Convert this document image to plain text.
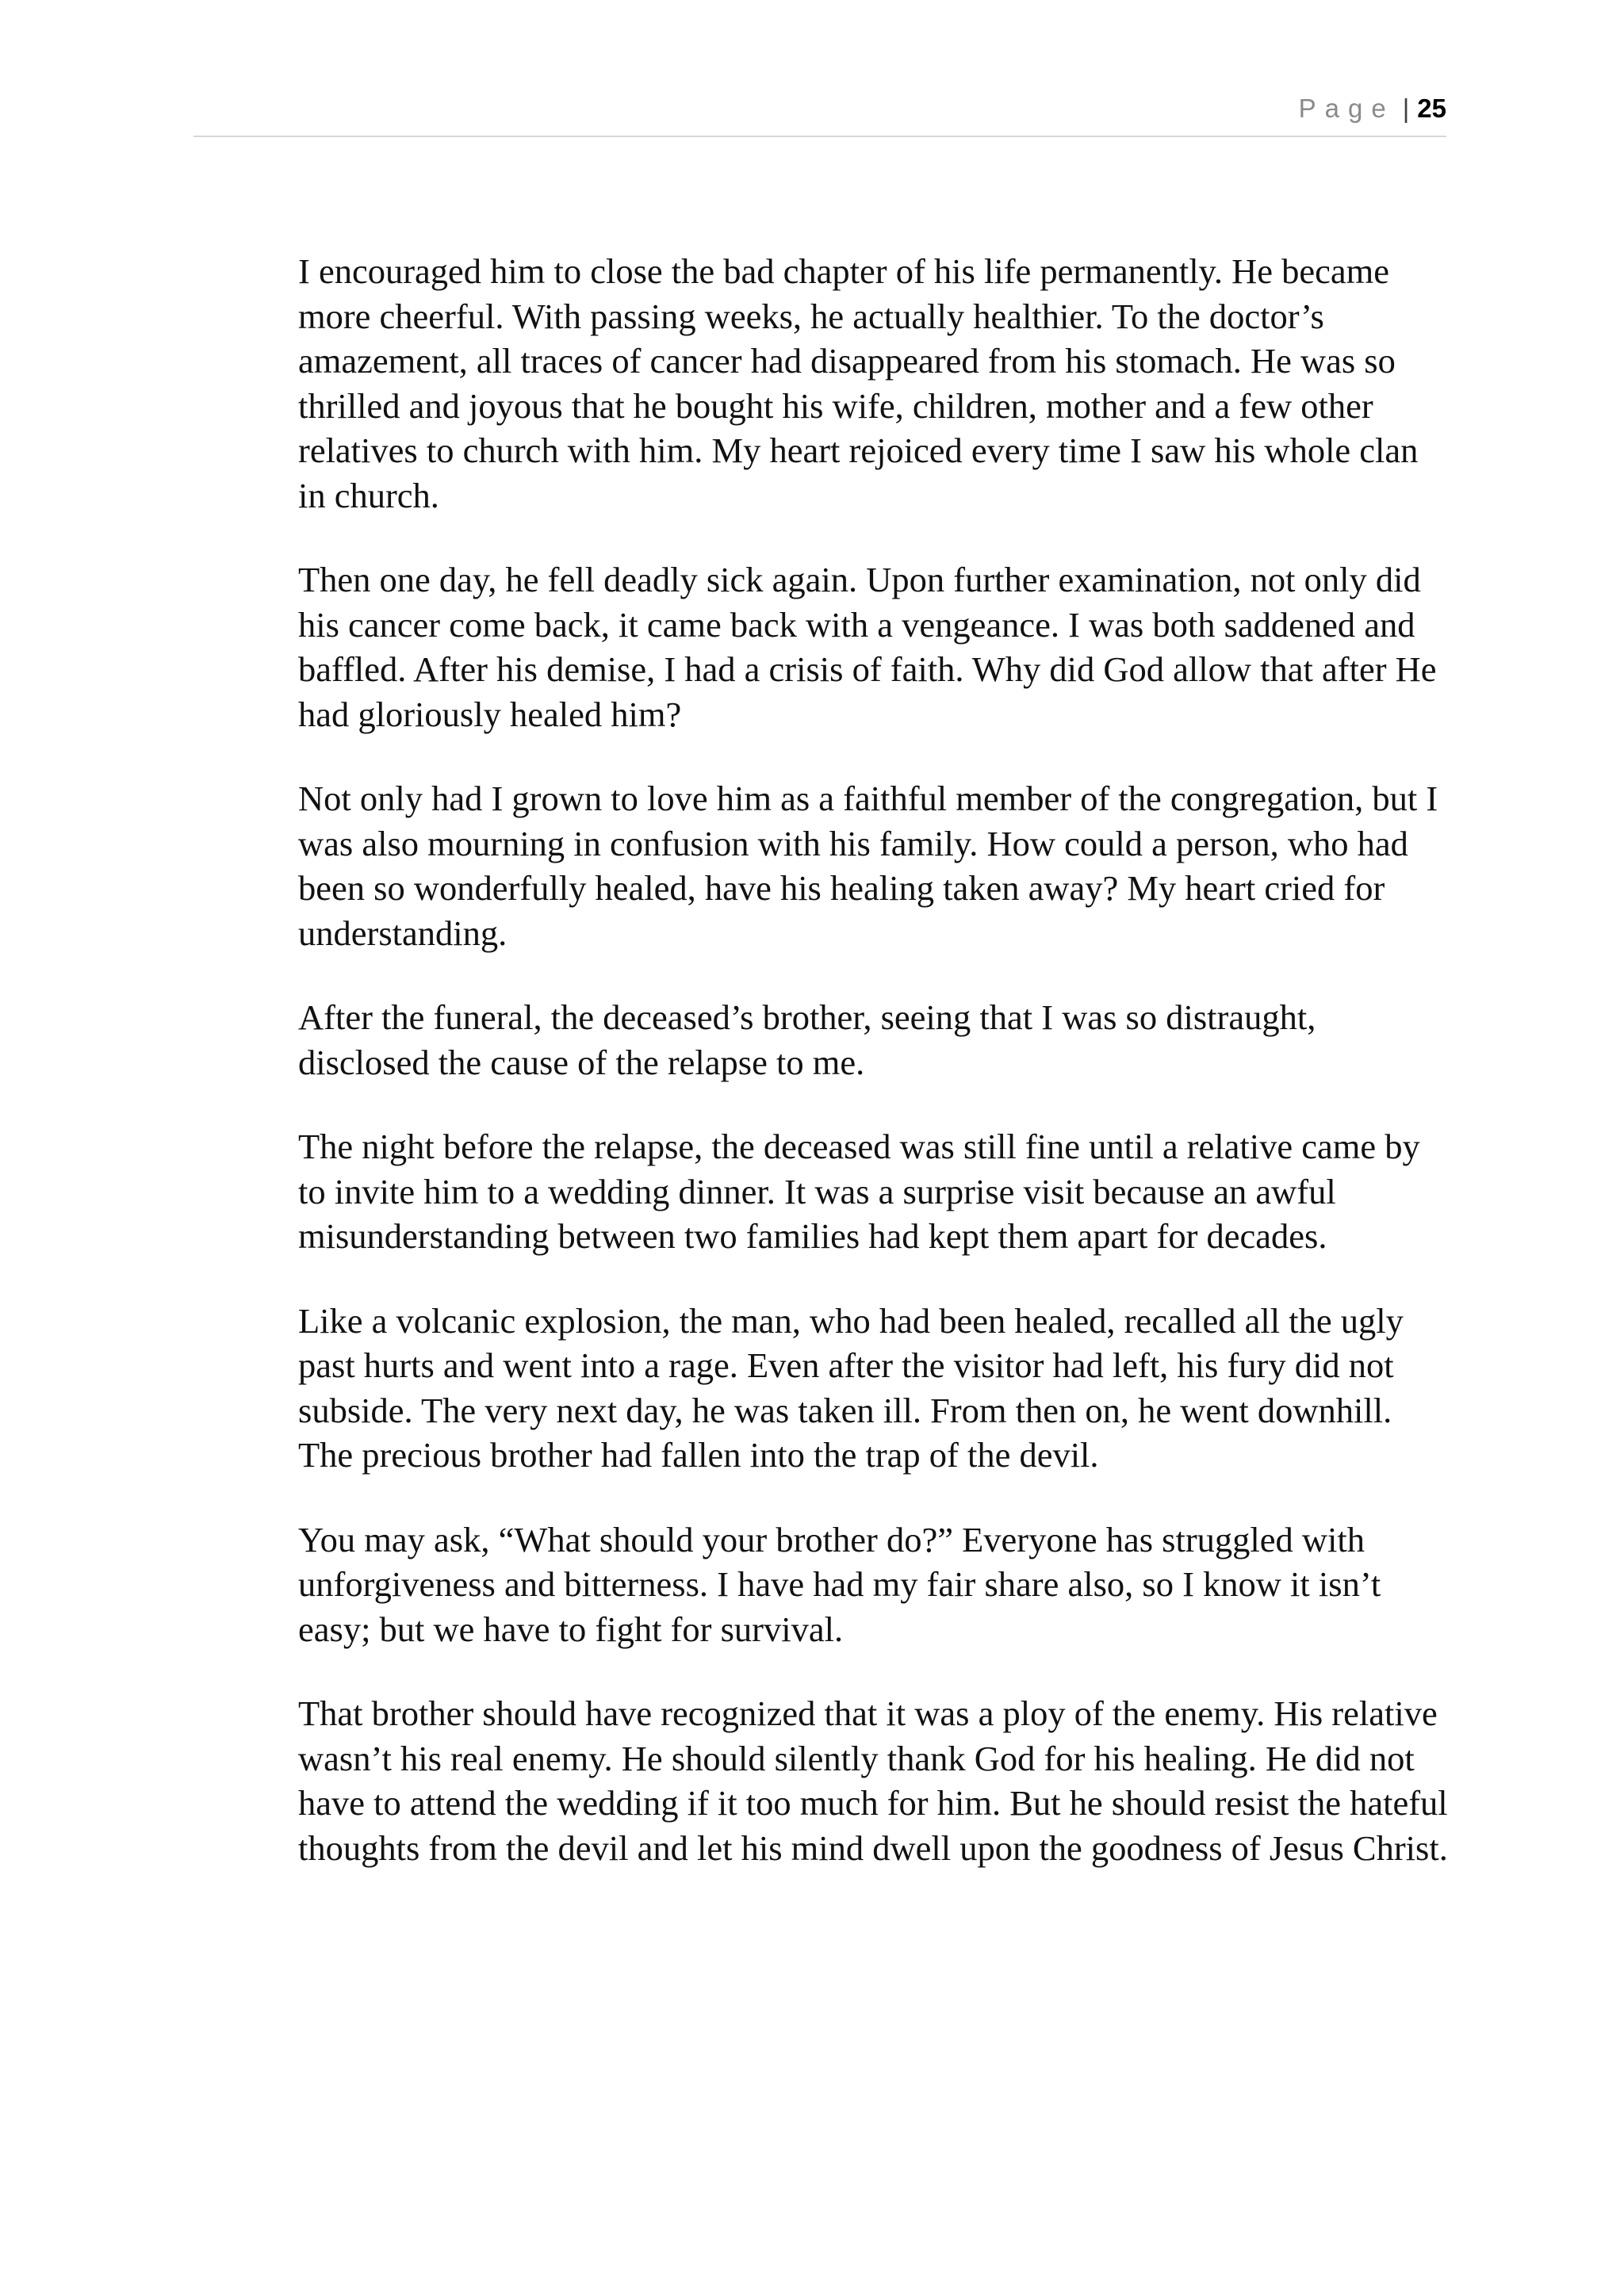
Page | 25

I encouraged him to close the bad chapter of his life permanently. He became more cheerful. With passing weeks, he actually healthier. To the doctor’s amazement, all traces of cancer had disappeared from his stomach. He was so thrilled and joyous that he bought his wife, children, mother and a few other relatives to church with him. My heart rejoiced every time I saw his whole clan in church.

Then one day, he fell deadly sick again. Upon further examination, not only did his cancer come back, it came back with a vengeance. I was both saddened and baffled. After his demise, I had a crisis of faith. Why did God allow that after He had gloriously healed him?

Not only had I grown to love him as a faithful member of the congregation, but I was also mourning in confusion with his family. How could a person, who had been so wonderfully healed, have his healing taken away? My heart cried for understanding.

After the funeral, the deceased’s brother, seeing that I was so distraught, disclosed the cause of the relapse to me.

The night before the relapse, the deceased was still fine until a relative came by to invite him to a wedding dinner. It was a surprise visit because an awful misunderstanding between two families had kept them apart for decades.

Like a volcanic explosion, the man, who had been healed, recalled all the ugly past hurts and went into a rage. Even after the visitor had left, his fury did not subside. The very next day, he was taken ill. From then on, he went downhill. The precious brother had fallen into the trap of the devil.

You may ask, “What should your brother do?” Everyone has struggled with unforgiveness and bitterness. I have had my fair share also, so I know it isn’t easy; but we have to fight for survival.

That brother should have recognized that it was a ploy of the enemy. His relative wasn’t his real enemy. He should silently thank God for his healing. He did not have to attend the wedding if it too much for him. But he should resist the hateful thoughts from the devil and let his mind dwell upon the goodness of Jesus Christ.
